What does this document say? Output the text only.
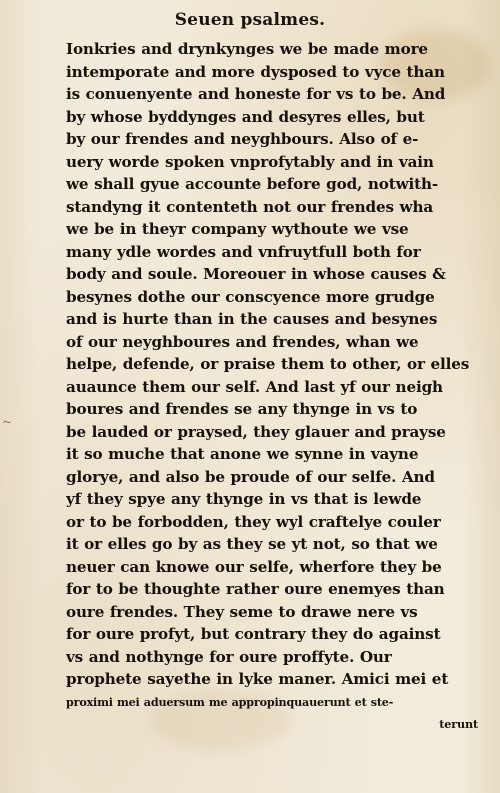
Seuen psalmes.
~
Ionkries and drynkynges we be made more
intemporate and more dysposed to vyce than
is conuenyente and honeste for vs to be. And
by whose byddynges and desyres elles, but
by our frendes and neyghbours. Also of e-
uery worde spoken vnprofytably and in vain
we shall gyue accounte before god, notwith-
standyng it contenteth not our frendes wha
we be in theyr company wythoute we vse
many ydle wordes and vnfruytfull both for
body and soule. Moreouer in whose causes &
besynes dothe our conscyence more grudge
and is hurte than in the causes and besynes
of our neyghboures and frendes, whan we
helpe, defende, or praise them to other, or elles
auaunce them our self. And last yf our neigh
boures and frendes se any thynge in vs to
be lauded or praysed, they glauer and prayse
it so muche that anone we synne in vayne
glorye, and also be proude of our selfe. And
yf they spye any thynge in vs that is lewde
or to be forbodden, they wyl craftelye couler
it or elles go by as they se yt not, so that we
neuer can knowe our selfe, wherfore they be
for to be thoughte rather oure enemyes than
oure frendes. They seme to drawe nere vs
for oure profyt, but contrary they do against
vs and nothynge for oure proffyte. Our
prophete sayethe in lyke maner. Amici mei et
proximi mei aduersum me appropinquauerunt et ste-
terunt
